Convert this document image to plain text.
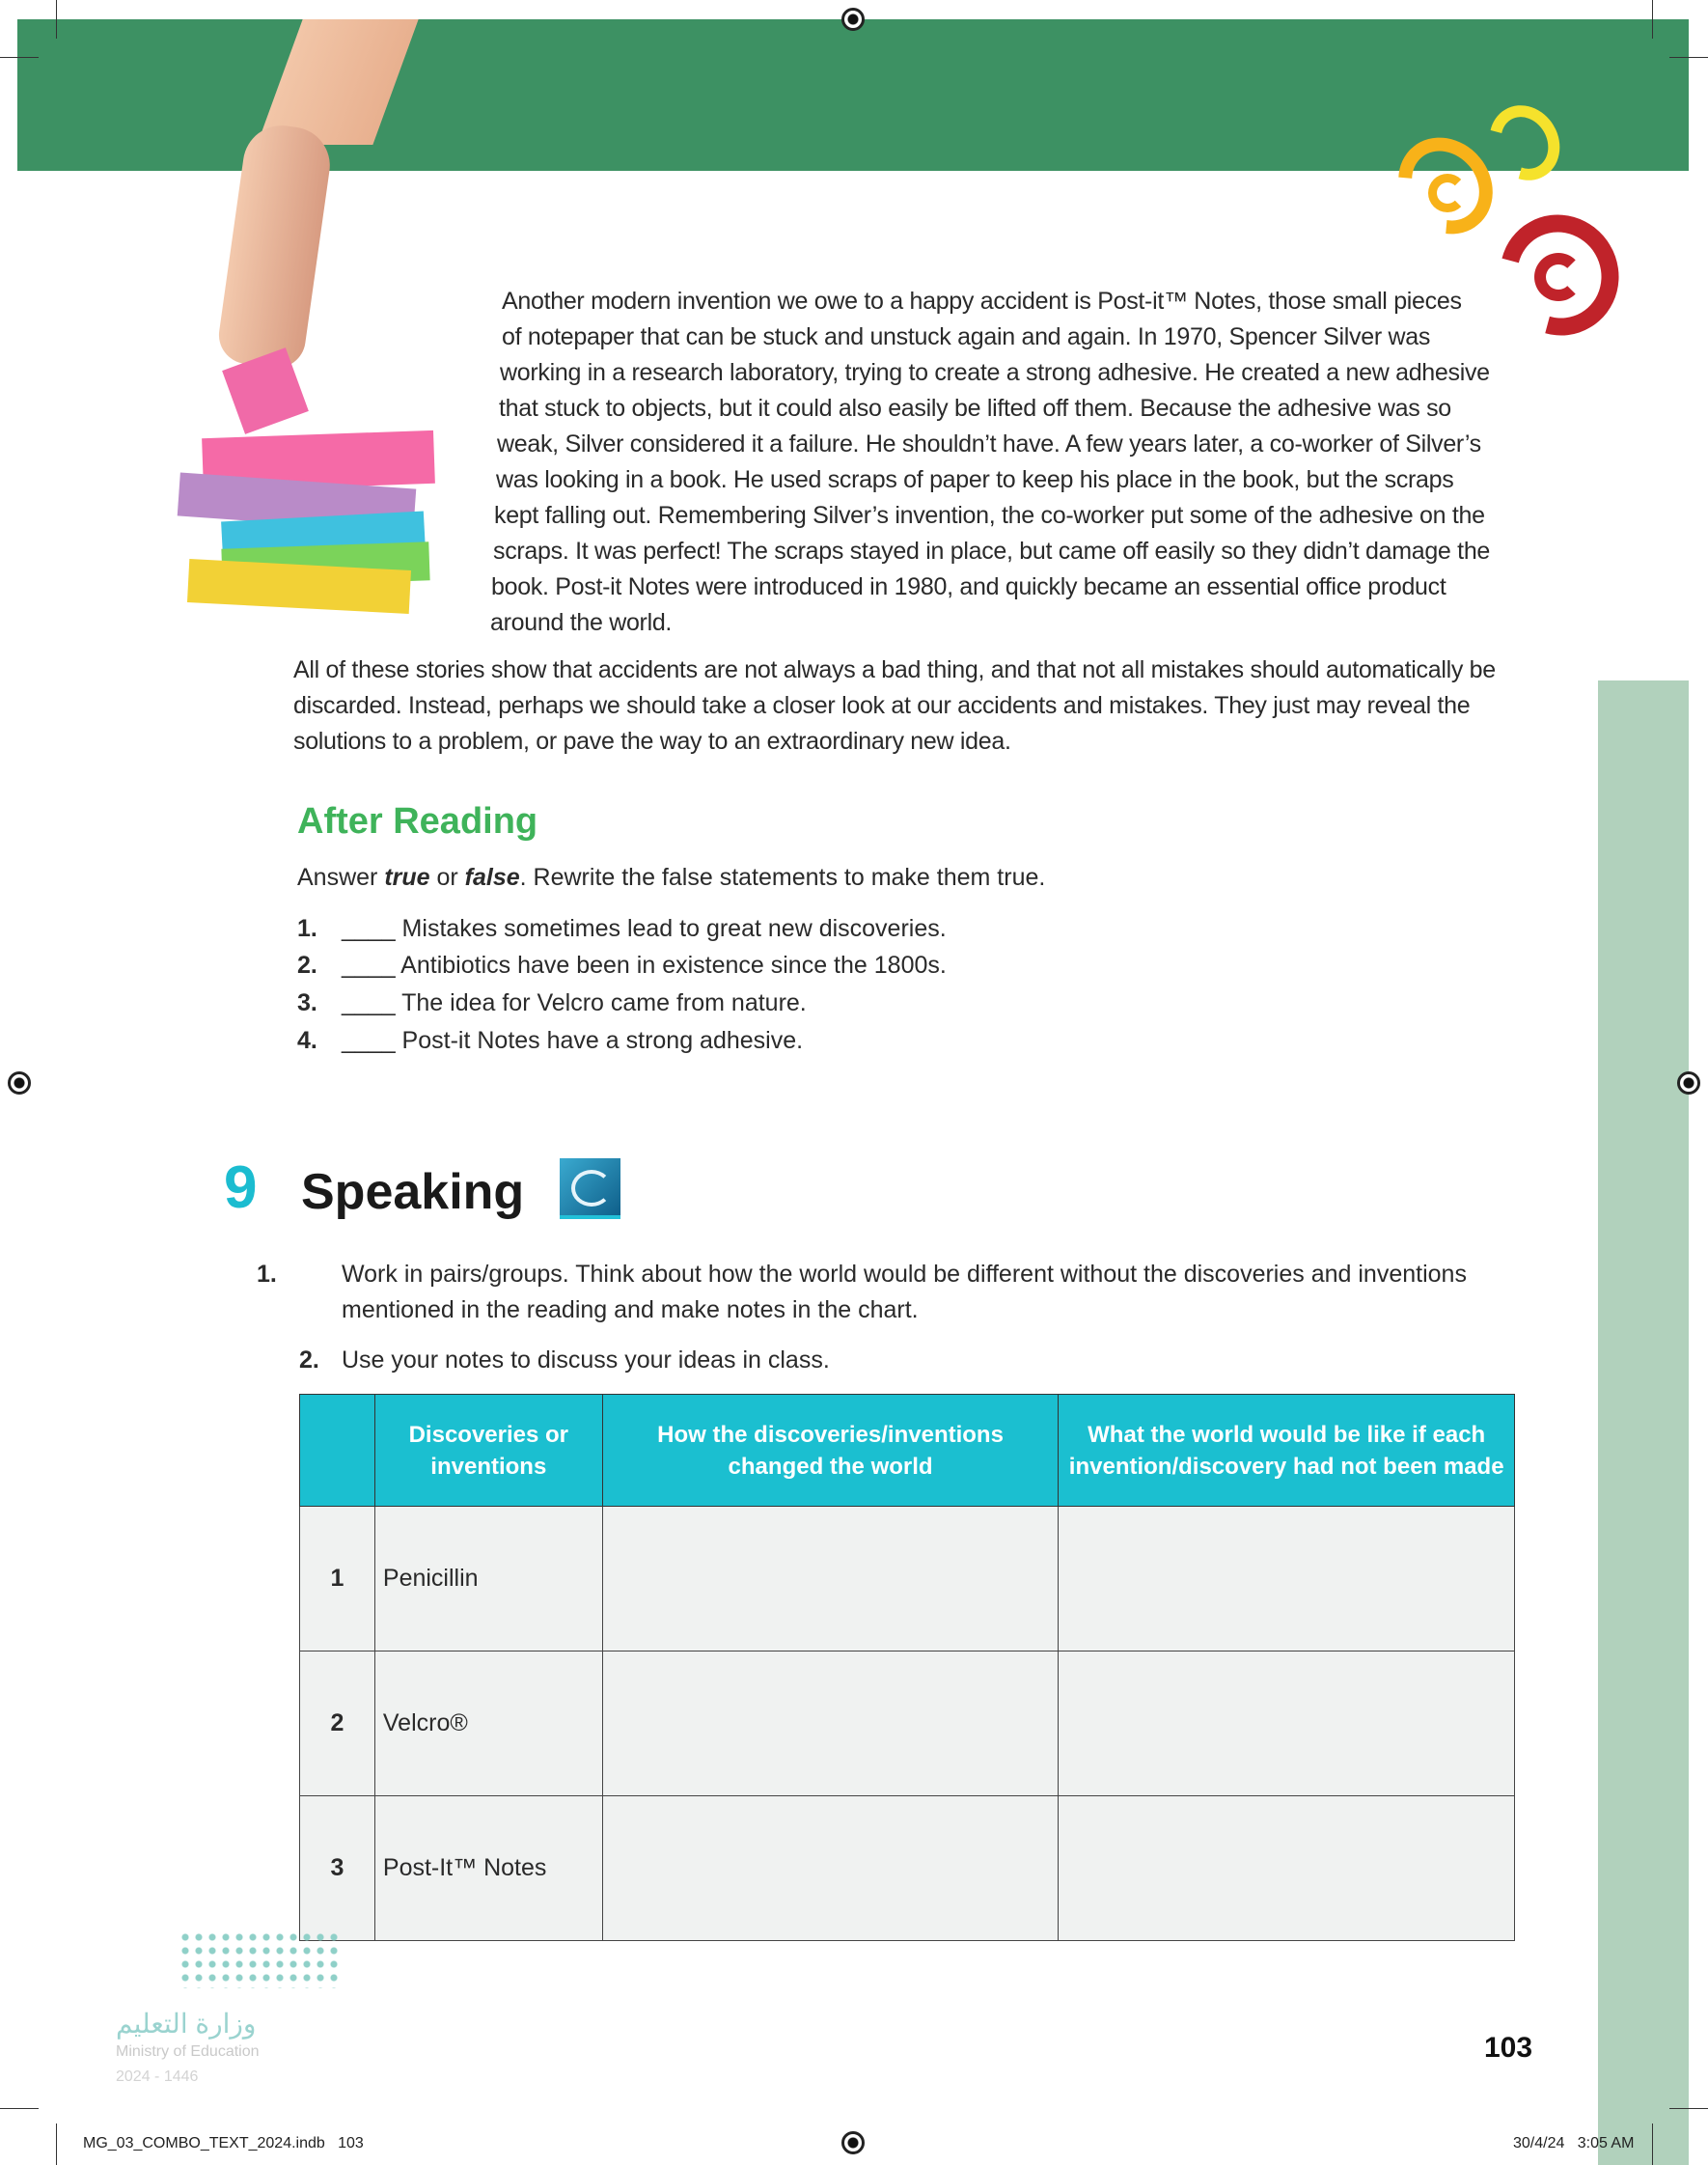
Another modern invention we owe to a happy accident is Post-it™ Notes, those small pieces
of notepaper that can be stuck and unstuck again and again. In 1970, Spencer Silver was
working in a research laboratory, trying to create a strong adhesive. He created a new adhesive
that stuck to objects, but it could also easily be lifted off them. Because the adhesive was so
weak, Silver considered it a failure. He shouldn’t have. A few years later, a co-worker of Silver’s
was looking in a book. He used scraps of paper to keep his place in the book, but the scraps
kept falling out. Remembering Silver’s invention, the co-worker put some of the adhesive on the
scraps. It was perfect! The scraps stayed in place, but came off easily so they didn’t damage the
book. Post-it Notes were introduced in 1980, and quickly became an essential office product
around the world.
All of these stories show that accidents are not always a bad thing, and that not all mistakes should automatically be discarded. Instead, perhaps we should take a closer look at our accidents and mistakes. They just may reveal the solutions to a problem, or pave the way to an extraordinary new idea.
After Reading
Answer true or false. Rewrite the false statements to make them true.
1. ____ Mistakes sometimes lead to great new discoveries.
2. ____ Antibiotics have been in existence since the 1800s.
3. ____ The idea for Velcro came from nature.
4. ____ Post-it Notes have a strong adhesive.
9 Speaking
1.	Work in pairs/groups. Think about how the world would be different without the discoveries and inventions mentioned in the reading and make notes in the chart.
2. Use your notes to discuss your ideas in class.
	Discoveries or inventions	How the discoveries/inventions changed the world	What the world would be like if each invention/discovery had not been made
1	Penicillin		
2	Velcro®		
3	Post-It™ Notes		
وزارة التعليم
Ministry of Education
2024 - 1446
103
MG_03_COMBO_TEXT_2024.indb   103	30/4/24   3:05 AM
